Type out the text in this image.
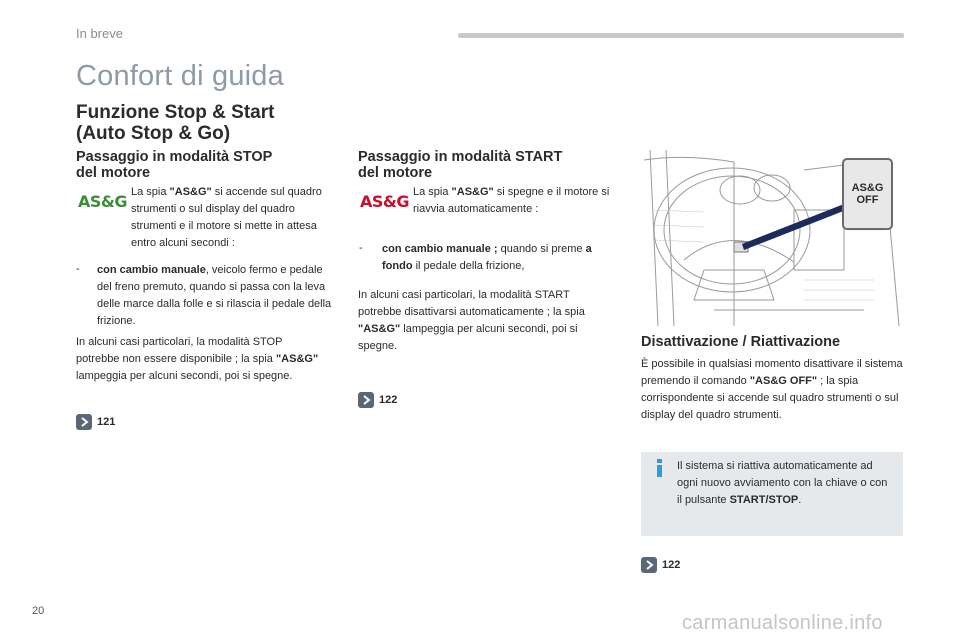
In breve
Confort di guida
Funzione Stop & Start
(Auto Stop & Go)
Passaggio in modalità STOP
del motore
AS&G La spia "AS&G" si accende sul quadro strumenti o sul display del quadro strumenti e il motore si mette in attesa entro alcuni secondi :
- con cambio manuale, veicolo fermo e pedale del freno premuto, quando si passa con la leva delle marce dalla folle e si rilascia il pedale della frizione.
In alcuni casi particolari, la modalità STOP potrebbe non essere disponibile ; la spia "AS&G" lampeggia per alcuni secondi, poi si spegne.
121
Passaggio in modalità START
del motore
AS&G La spia "AS&G" si spegne e il motore si riavvia automaticamente :
- con cambio manuale ; quando si preme a fondo il pedale della frizione,
In alcuni casi particolari, la modalità START potrebbe disattivarsi automaticamente ; la spia "AS&G" lampeggia per alcuni secondi, poi si spegne.
122
AS&G
OFF
Disattivazione / Riattivazione
È possibile in qualsiasi momento disattivare il sistema premendo il comando "AS&G OFF" ; la spia corrispondente si accende sul quadro strumenti o sul display del quadro strumenti.
Il sistema si riattiva automaticamente ad ogni nuovo avviamento con la chiave o con il pulsante START/STOP.
122
20
carmanualsonline.info
